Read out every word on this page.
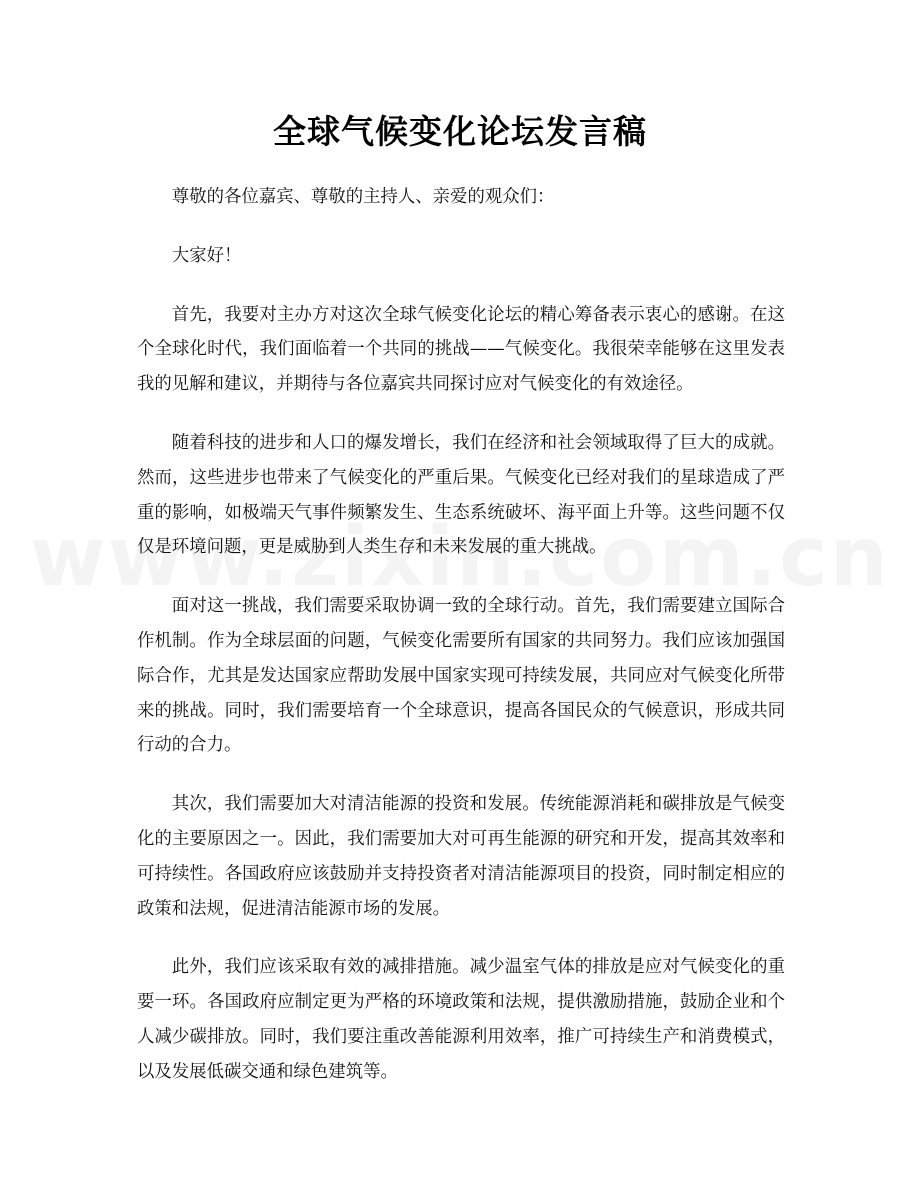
全球气候变化论坛发言稿

尊敬的各位嘉宾、尊敬的主持人、亲爱的观众们：

大家好！

首先，我要对主办方对这次全球气候变化论坛的精心筹备表示衷心的感谢。在这个全球化时代，我们面临着一个共同的挑战——气候变化。我很荣幸能够在这里发表我的见解和建议，并期待与各位嘉宾共同探讨应对气候变化的有效途径。

随着科技的进步和人口的爆发增长，我们在经济和社会领域取得了巨大的成就。然而，这些进步也带来了气候变化的严重后果。气候变化已经对我们的星球造成了严重的影响，如极端天气事件频繁发生、生态系统破坏、海平面上升等。这些问题不仅仅是环境问题，更是威胁到人类生存和未来发展的重大挑战。

面对这一挑战，我们需要采取协调一致的全球行动。首先，我们需要建立国际合作机制。作为全球层面的问题，气候变化需要所有国家的共同努力。我们应该加强国际合作，尤其是发达国家应帮助发展中国家实现可持续发展，共同应对气候变化所带来的挑战。同时，我们需要培育一个全球意识，提高各国民众的气候意识，形成共同行动的合力。

其次，我们需要加大对清洁能源的投资和发展。传统能源消耗和碳排放是气候变化的主要原因之一。因此，我们需要加大对可再生能源的研究和开发，提高其效率和可持续性。各国政府应该鼓励并支持投资者对清洁能源项目的投资，同时制定相应的政策和法规，促进清洁能源市场的发展。

此外，我们应该采取有效的减排措施。减少温室气体的排放是应对气候变化的重要一环。各国政府应制定更为严格的环境政策和法规，提供激励措施，鼓励企业和个人减少碳排放。同时，我们要注重改善能源利用效率，推广可持续生产和消费模式，以及发展低碳交通和绿色建筑等。
